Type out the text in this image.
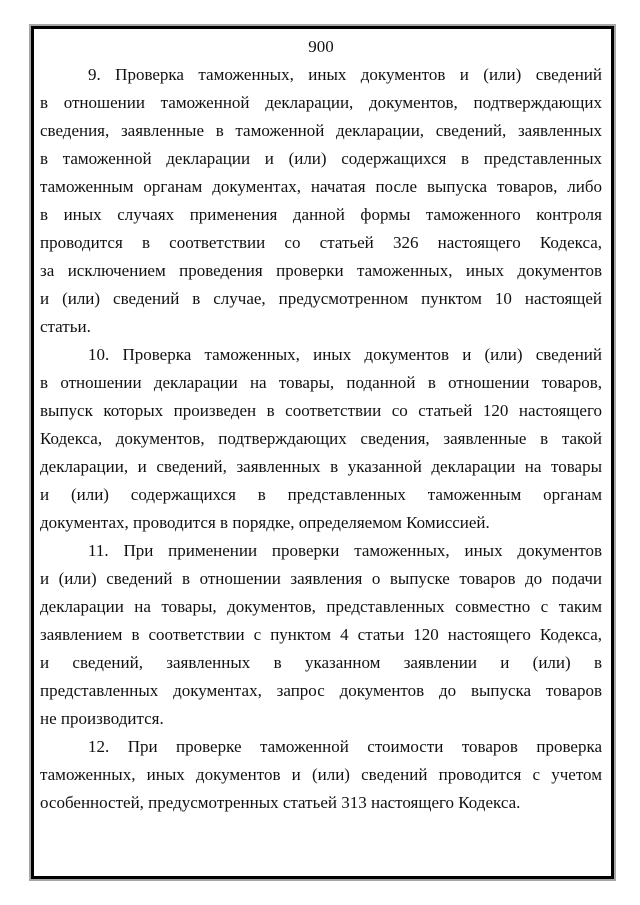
900
9. Проверка таможенных, иных документов и (или) сведений
в отношении таможенной декларации, документов, подтверждающих
сведения, заявленные в таможенной декларации, сведений, заявленных
в таможенной декларации и (или) содержащихся в представленных
таможенным органам документах, начатая после выпуска товаров, либо
в иных случаях применения данной формы таможенного контроля
проводится в соответствии со статьей 326 настоящего Кодекса,
за исключением проведения проверки таможенных, иных документов
и (или) сведений в случае, предусмотренном пунктом 10 настоящей
статьи.
10. Проверка таможенных, иных документов и (или) сведений
в отношении декларации на товары, поданной в отношении товаров,
выпуск которых произведен в соответствии со статьей 120 настоящего
Кодекса, документов, подтверждающих сведения, заявленные в такой
декларации, и сведений, заявленных в указанной декларации на товары
и (или) содержащихся в представленных таможенным органам
документах, проводится в порядке, определяемом Комиссией.
11. При применении проверки таможенных, иных документов
и (или) сведений в отношении заявления о выпуске товаров до подачи
декларации на товары, документов, представленных совместно с таким
заявлением в соответствии с пунктом 4 статьи 120 настоящего Кодекса,
и сведений, заявленных в указанном заявлении и (или) в
представленных документах, запрос документов до выпуска товаров
не производится.
12. При проверке таможенной стоимости товаров проверка
таможенных, иных документов и (или) сведений проводится с учетом
особенностей, предусмотренных статьей 313 настоящего Кодекса.
